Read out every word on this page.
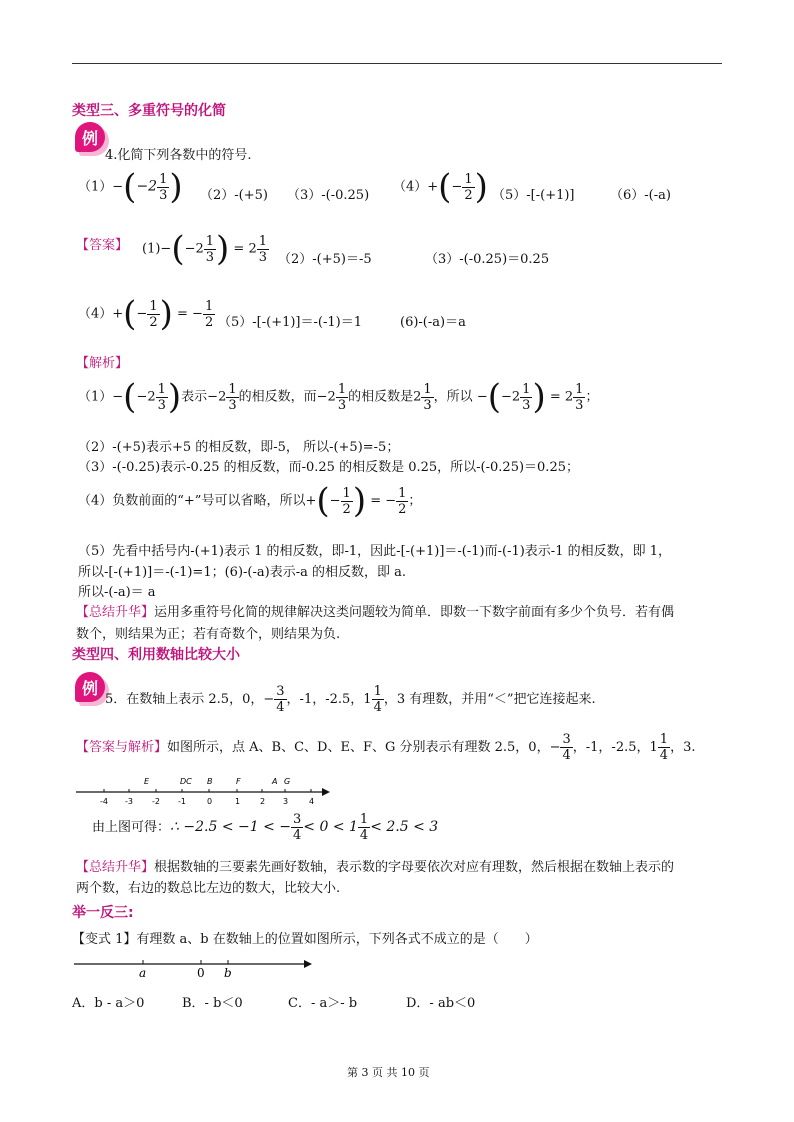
类型三、多重符号的化简
例
4.化简下列各数中的符号.
$(1)-(-2 \frac{1}{3}$ ) （2）-(+5) （3）-(-0.25)
$(4)+(- \frac{1}{2}$ ) （5）-[-(+1)]	（6）-(-a)
【答案】 $(1)-(-2 \frac{1}{3}$ ) = $2 \frac{1}{3} (2)-(+5)=-5$	（3）-(-0.25)＝0.25
$(4)+(- \frac{1}{2}$ ) = − $\frac{1}{2} (5)-[-(+1)]=-(-1)=1$	(6)-(-a)＝a
【解析】
$(1)-(-2 \frac{1}{3}$ )表示$-2 \frac{1}{3}$ 的相反数，而$-2 \frac{1}{3}$ 的相反数是$2 \frac{1}{3}$ ，所以 $-(-2 \frac{1}{3}$ ) = $2 \frac{1}{3}$ ；
（2）-(+5)表示+5 的相反数，即-5， 所以-(+5)=-5；
（3）-(-0.25)表示-0.25 的相反数，而-0.25 的相反数是 0.25，所以-(-0.25)＝0.25；
（4）负数前面的“+”号可以省略，所以+(− $\frac{1}{2}$ ) = − $\frac{1}{2}$ ；
（5）先看中括号内-(+1)表示 1 的相反数，即-1，因此-[-(+1)]＝-(-1)而-(-1)表示-1 的相反数，即 1，
所以-[-(+1)]＝-(-1)=1；(6)-(-a)表示-a 的相反数，即 a.
所以-(-a)＝ a
【总结升华】运用多重符号化简的规律解决这类问题较为简单．即数一下数字前面有多少个负号．若有偶
数个，则结果为正；若有奇数个，则结果为负.
类型四、利用数轴比较大小
例
5．在数轴上表示 2.5，0，− $\frac{3}{4}$ ，-1，-2.5，$1 \frac{1}{4}$ ，3 有理数，并用“＜”把它连接起来.
【答案与解析】如图所示，点 A、B、C、D、E、F、G 分别表示有理数 2.5，0，− $\frac{3}{4}$ ，-1，-2.5，$1 \frac{1}{4}$ ，3.
E	DC B	F	A G
-4 -3 -2 -1	0	1 2 3	4
由上图可得：∴ −2.5 < −1 < − $\frac{3}{4} < 0 < 1 \frac{1}{4} < 2.5 < 3$
【总结升华】根据数轴的三要素先画好数轴，表示数的字母要依次对应有理数，然后根据在数轴上表示的
两个数，右边的数总比左边的数大，比较大小.
举一反三:
【变式 1】有理数 a、b 在数轴上的位置如图所示，下列各式不成立的是（　　）
a	0 b
A．b - a＞0	B．- b＜0	C．- a＞- b	D．- ab＜0
第 3 页 共 10 页
